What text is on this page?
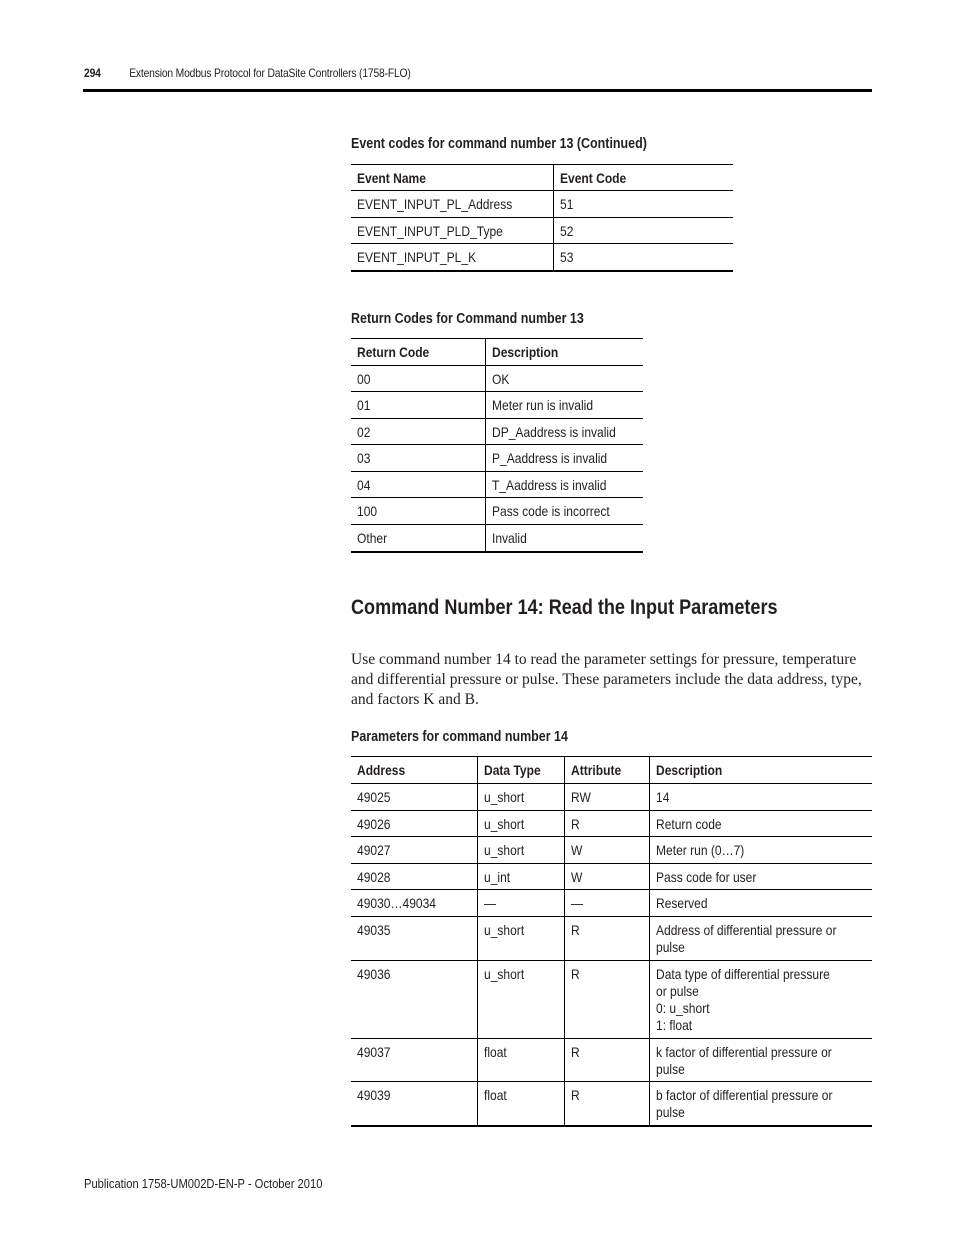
294 Extension Modbus Protocol for DataSite Controllers (1758-FLO)
Event codes for command number 13 (Continued)
Event Name	Event Code
EVENT_INPUT_PL_Address	51
EVENT_INPUT_PLD_Type	52
EVENT_INPUT_PL_K	53
Return Codes for Command number 13
Return Code	Description
00	OK
01	Meter run is invalid
02	DP_Aaddress is invalid
03	P_Aaddress is invalid
04	T_Aaddress is invalid
100	Pass code is incorrect
Other	Invalid
Command Number 14: Read the Input Parameters

Use command number 14 to read the parameter settings for pressure, temperature and differential pressure or pulse. These parameters include the data address, type, and factors K and B.

Parameters for command number 14
Address	Data Type	Attribute	Description
49025	u_short	RW	14

49026	u_short	R	Return code

49027	u_short	W	Meter run (0…7)

49028	u_int	W	Pass code for user

49030…49034	—	—	Reserved

49035	u_short	R	Address of differential pressure or
pulse

49036	u_short	R	Data type of differential pressure
or pulse
0: u_short
1: float

49037	float	R	k factor of differential pressure or
pulse

49039	float	R	b factor of differential pressure or
pulse
Publication 1758-UM002D-EN-P - October 2010
